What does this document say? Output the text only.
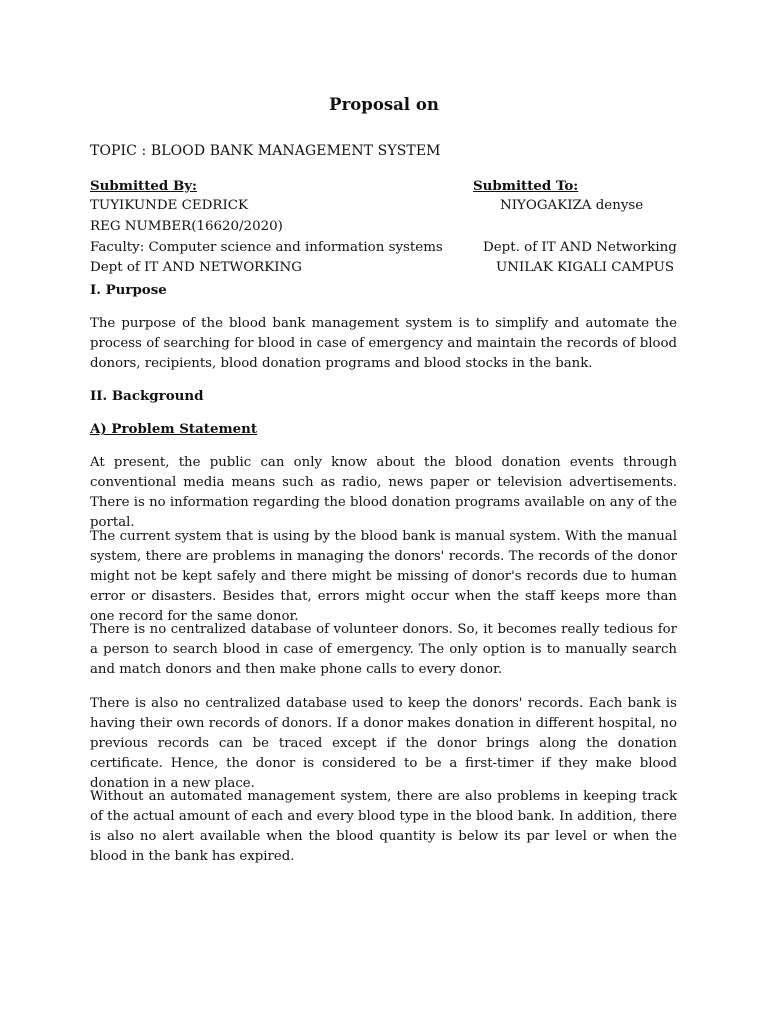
Proposal on
TOPIC : BLOOD BANK MANAGEMENT SYSTEM
Submitted By:
TUYIKUNDE CEDRICK
REG NUMBER(16620/2020)
Faculty: Computer science and information systems
Dept of IT AND NETWORKING
Submitted To:
NIYOGAKIZA denyse
Dept. of IT AND Networking
UNILAK KIGALI CAMPUS
I. Purpose
The purpose of the blood bank management system is to simplify and automate the process of searching for blood in case of emergency and maintain the records of blood donors, recipients, blood donation programs and blood stocks in the bank.
II. Background
A) Problem Statement
At present, the public can only know about the blood donation events through conventional media means such as radio, news paper or television advertisements. There is no information regarding the blood donation programs available on any of the portal.
The current system that is using by the blood bank is manual system. With the manual system, there are problems in managing the donors' records. The records of the donor might not be kept safely and there might be missing of donor's records due to human error or disasters. Besides that, errors might occur when the staff keeps more than one record for the same donor.
There is no centralized database of volunteer donors. So, it becomes really tedious for a person to search blood in case of emergency. The only option is to manually search and match donors and then make phone calls to every donor.
There is also no centralized database used to keep the donors' records. Each bank is having their own records of donors. If a donor makes donation in different hospital, no previous records can be traced except if the donor brings along the donation certificate. Hence, the donor is considered to be a first-timer if they make blood donation in a new place.
Without an automated management system, there are also problems in keeping track of the actual amount of each and every blood type in the blood bank. In addition, there is also no alert available when the blood quantity is below its par level or when the blood in the bank has expired.
